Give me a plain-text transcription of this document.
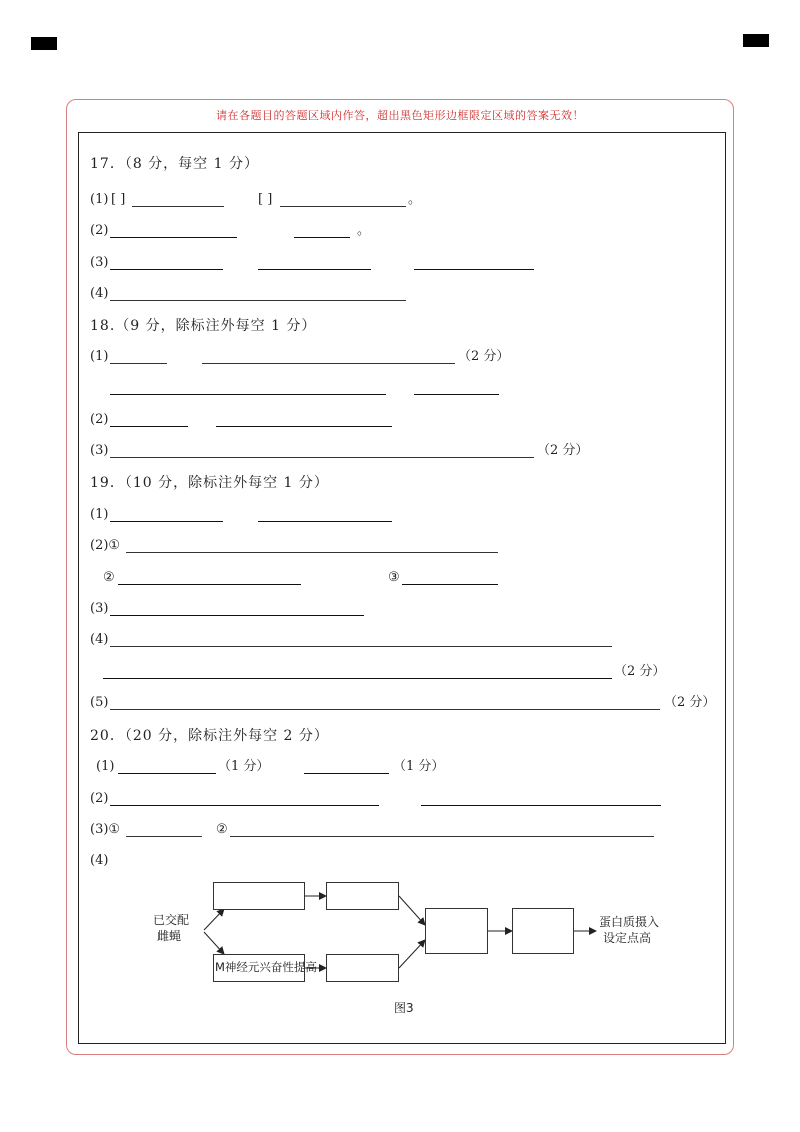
请在各题目的答题区域内作答，超出黑色矩形边框限定区域的答案无效！
17．（8 分，每空 1 分）
(1) [ ]	[ ]	。
(2)	。
(3)
(4)
18.（9 分，除标注外每空 1 分）
(1)	（2 分）
(2)
(3)	（2 分）
19．（10 分，除标注外每空 1 分）
(1)
(2)①
②	③
(3)
(4)
（2 分）
(5)	（2 分）
20．（20 分，除标注外每空 2 分）
(1)	（1 分）	（1 分）
(2)
(3)①	②
(4)
已交配
雌蝇
M神经元兴奋性提高
蛋白质摄入
设定点高
图3
